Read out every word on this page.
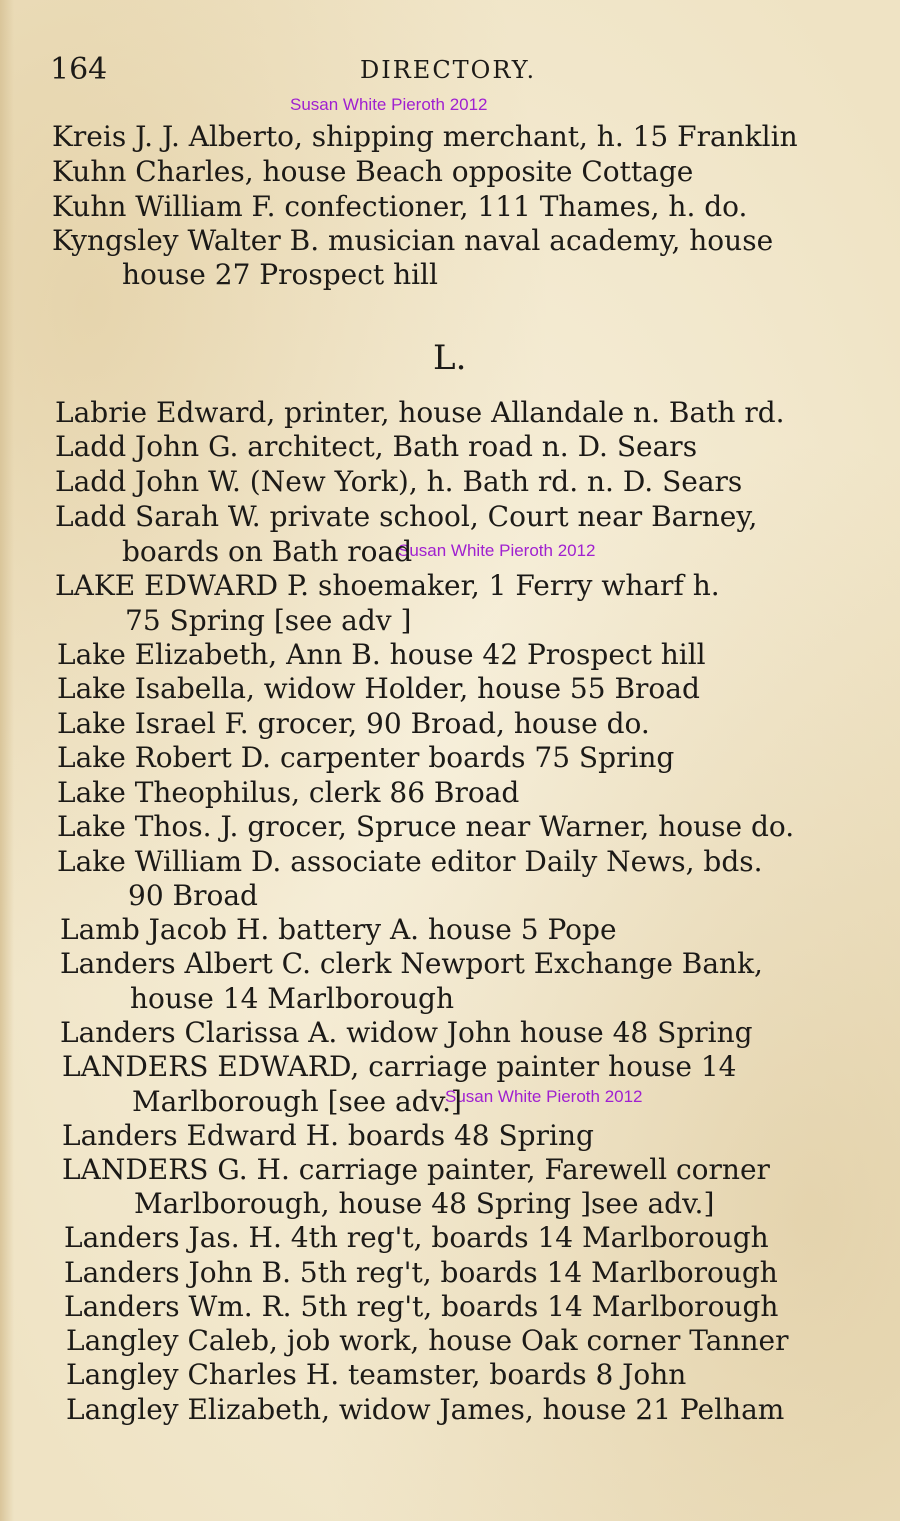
164	DIRECTORY.
Susan White Pieroth 2012
Susan White Pieroth 2012
Susan White Pieroth 2012
Kreis J. J. Alberto, shipping merchant, h. 15 Franklin
Kuhn Charles, house Beach opposite Cottage
Kuhn William F. confectioner, 111 Thames, h. do.
Kyngsley Walter B. musician naval academy, house
house 27 Prospect hill
L.
Labrie Edward, printer, house Allandale n. Bath rd.
Ladd John G. architect, Bath road n. D. Sears
Ladd John W. (New York), h. Bath rd. n. D. Sears
Ladd Sarah W. private school, Court near Barney,
boards on Bath road
LAKE EDWARD P. shoemaker, 1 Ferry wharf h.
75 Spring [see adv ]
Lake Elizabeth, Ann B. house 42 Prospect hill
Lake Isabella, widow Holder, house 55 Broad
Lake Israel F. grocer, 90 Broad, house do.
Lake Robert D. carpenter boards 75 Spring
Lake Theophilus, clerk 86 Broad
Lake Thos. J. grocer, Spruce near Warner, house do.
Lake William D. associate editor Daily News, bds.
90 Broad
Lamb Jacob H. battery A. house 5 Pope
Landers Albert C. clerk Newport Exchange Bank,
house 14 Marlborough
Landers Clarissa A. widow John house 48 Spring
LANDERS EDWARD, carriage painter house 14
Marlborough [see adv.]
Landers Edward H. boards 48 Spring
LANDERS G. H. carriage painter, Farewell corner
Marlborough, house 48 Spring ]see adv.]
Landers Jas. H. 4th reg't, boards 14 Marlborough
Landers John B. 5th reg't, boards 14 Marlborough
Landers Wm. R. 5th reg't, boards 14 Marlborough
Langley Caleb, job work, house Oak corner Tanner
Langley Charles H. teamster, boards 8 John
Langley Elizabeth, widow James, house 21 Pelham
